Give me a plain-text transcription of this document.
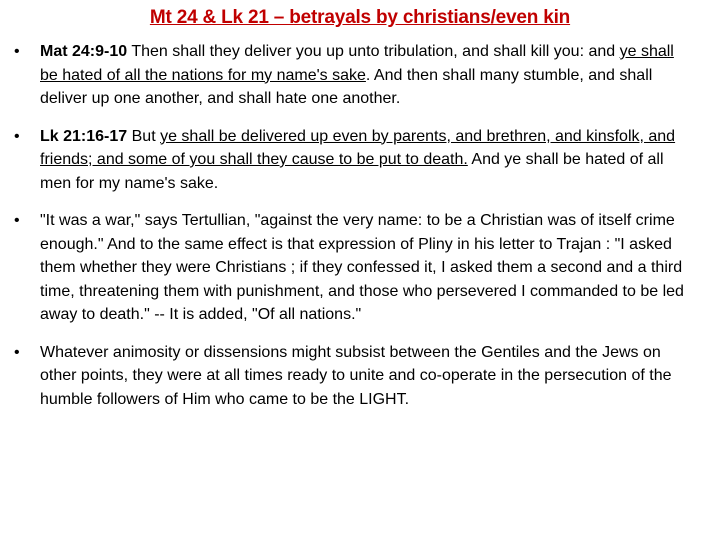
Mt 24 & Lk 21 – betrayals by christians/even kin
•	Mat 24:9-10 Then shall they deliver you up unto tribulation, and shall kill you: and ye shall be hated of all the nations for my name's sake. And then shall many stumble, and shall deliver up one another, and shall hate one another.
•	Lk 21:16-17 But ye shall be delivered up even by parents, and brethren, and kinsfolk, and friends; and some of you shall they cause to be put to death. And ye shall be hated of all men for my name's sake.
•	"It was a war," says Tertullian, "against the very name: to be a Christian was of itself crime enough." And to the same effect is that expression of Pliny in his letter to Trajan : "I asked them whether they were Christians ; if they confessed it, I asked them a second and a third time, threatening them with punishment, and those who persevered I commanded to be led away to death." -- It is added, "Of all nations."
•	Whatever animosity or dissensions might subsist between the Gentiles and the Jews on other points, they were at all times ready to unite and co-operate in the persecution of the humble followers of Him who came to be the LIGHT.
